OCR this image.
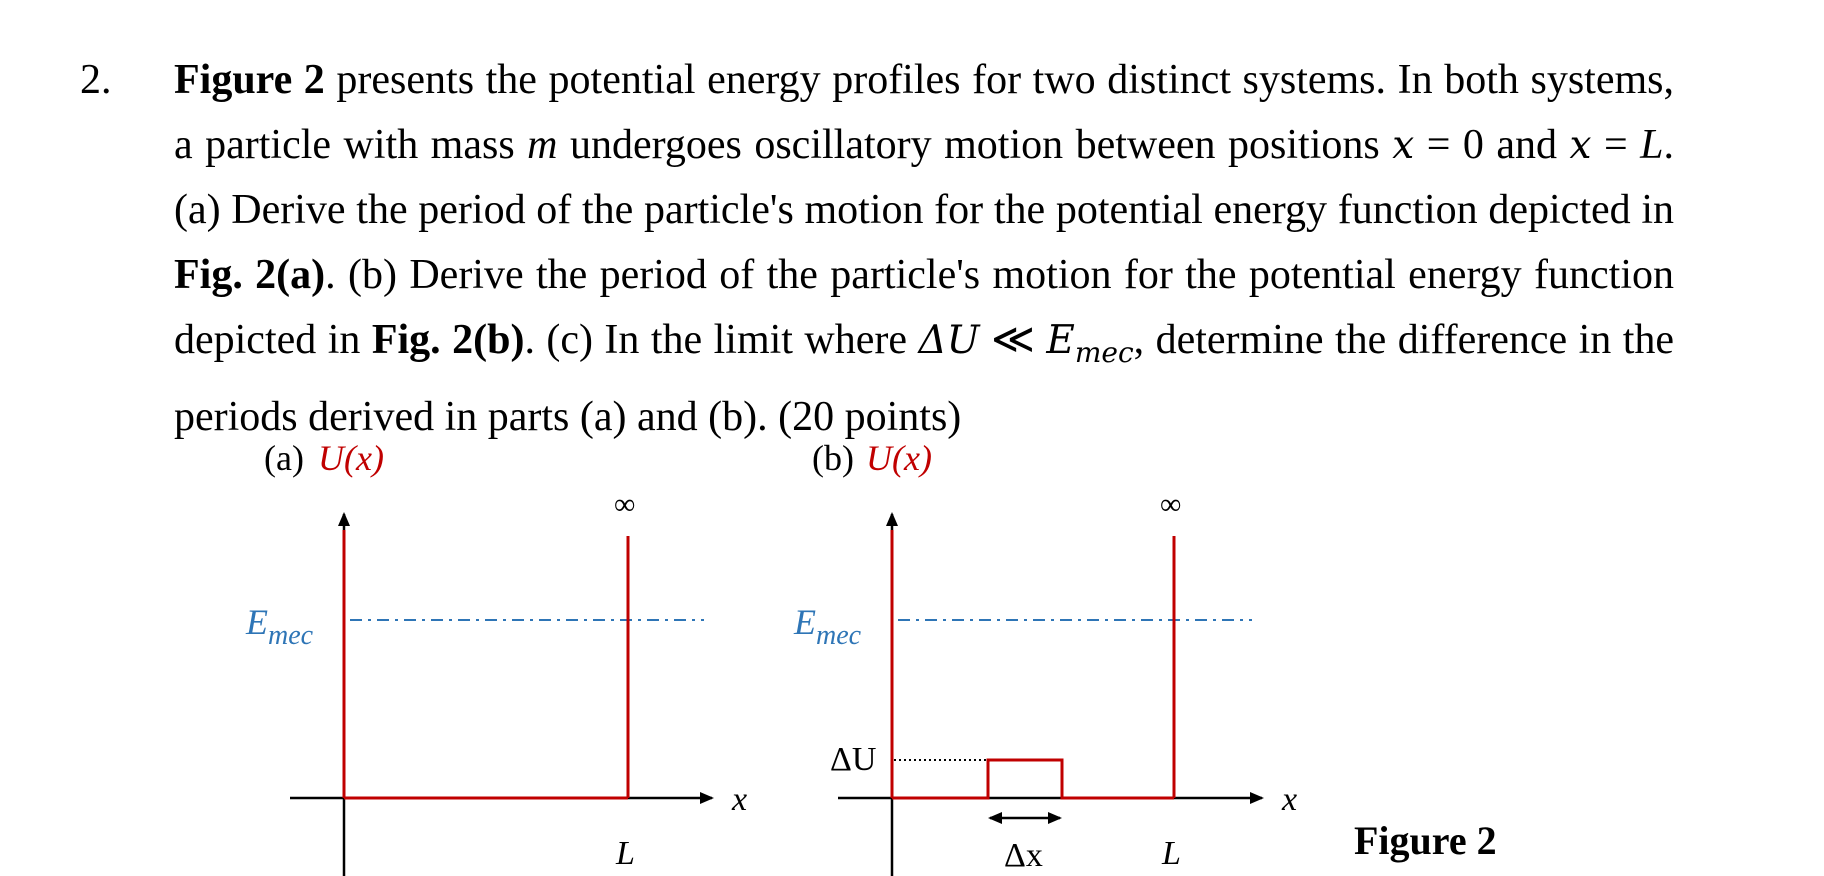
2. Figure 2 presents the potential energy profiles for two distinct systems. In both systems, a particle with mass m undergoes oscillatory motion between positions x = 0 and x = L. (a) Derive the period of the particle's motion for the potential energy function depicted in Fig. 2(a). (b) Derive the period of the particle's motion for the potential energy function depicted in Fig. 2(b). (c) In the limit where ΔU ≪ $E_{mec}$, determine the difference in the periods derived in parts (a) and (b). (20 points)
(a) U(x)
$E_{mec}$
∞
x
L
(b) U(x)
$E_{mec}$
ΔU
Δx
∞
x
L	Figure 2
